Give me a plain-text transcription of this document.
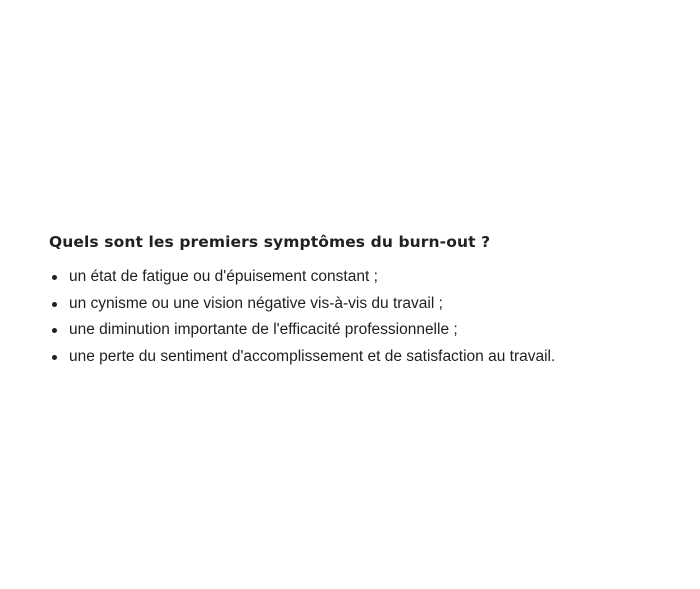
Quels sont les premiers symptômes du burn-out ?
un état de fatigue ou d'épuisement constant ;
un cynisme ou une vision négative vis-à-vis du travail ;
une diminution importante de l'efficacité professionnelle ;
une perte du sentiment d'accomplissement et de satisfaction au travail.
